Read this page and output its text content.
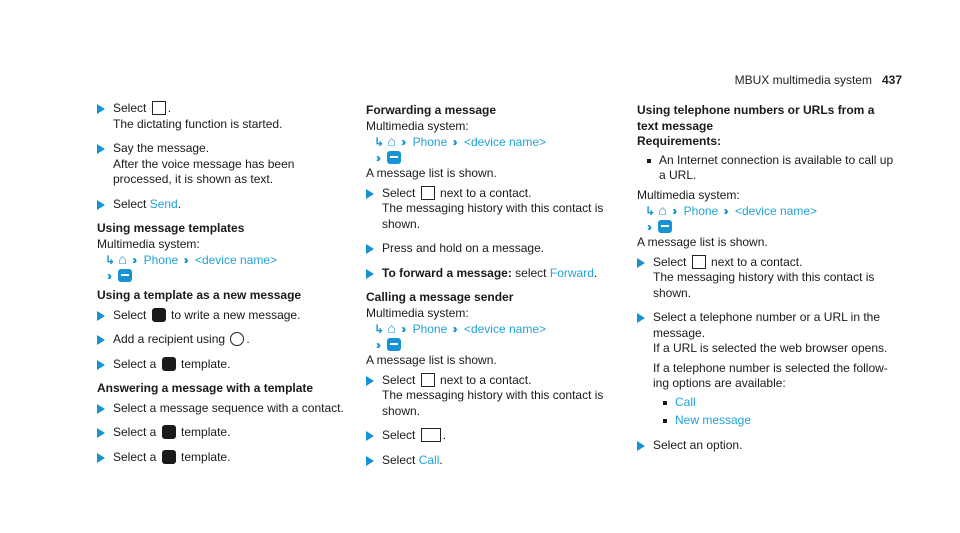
MBUX multimedia system 437
Select .
The dictating function is started.
Say the message.
After the voice message has been processed, it is shown as text.
Select Send.
Using message templates
Multimedia system:
↳ ⌂ ›› Phone ›› <device name>
››
Using a template as a new message
Select to write a new message.
Add a recipient using .
Select a template.
Answering a message with a template
Select a message sequence with a contact.
Select a template.
Select a template.
Forwarding a message
Multimedia system:
↳ ⌂ ›› Phone ›› <device name>
››
A message list is shown.
Select next to a contact.
The messaging history with this contact is shown.
Press and hold on a message.
To forward a message: select Forward.
Calling a message sender
Multimedia system:
↳ ⌂ ›› Phone ›› <device name>
››
A message list is shown.
Select next to a contact.
The messaging history with this contact is shown.
Select .
Select Call.
Using telephone numbers or URLs from a text message
Requirements:
An Internet connection is available to call up a URL.
Multimedia system:
↳ ⌂ ›› Phone ›› <device name>
››
A message list is shown.
Select next to a contact.
The messaging history with this contact is shown.
Select a telephone number or a URL in the message.
If a URL is selected the web browser opens.
If a telephone number is selected the follow-ing options are available:
Call
New message
Select an option.
